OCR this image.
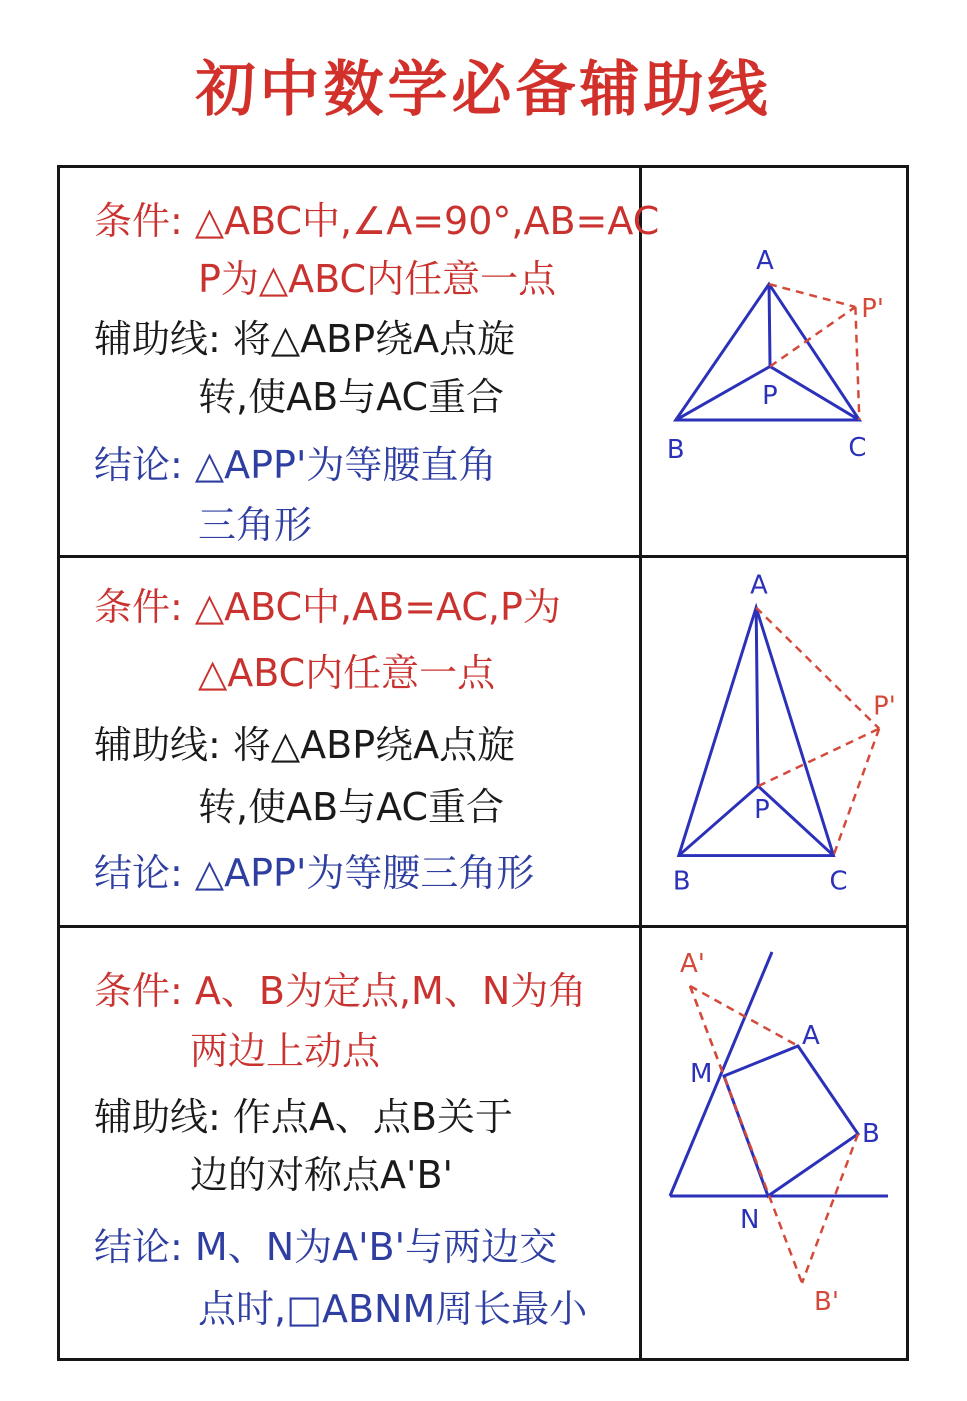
初中数学必备辅助线
条件: △ABC中,∠A=90°,AB=AC
P为△ABC内任意一点
辅助线: 将△ABP绕A点旋
转,使AB与AC重合
结论: △APP'为等腰直角
三角形
A
B	C
P
P'
条件: △ABC中,AB=AC,P为
△ABC内任意一点
辅助线: 将△ABP绕A点旋
转,使AB与AC重合
结论: △APP'为等腰三角形
A
B	C
P
P'
条件: A、B为定点,M、N为角
两边上动点
辅助线: 作点A、点B关于
边的对称点A'B'
结论: M、N为A'B'与两边交
点时,□ABNM周长最小
A'
A
M
B
N
B'
